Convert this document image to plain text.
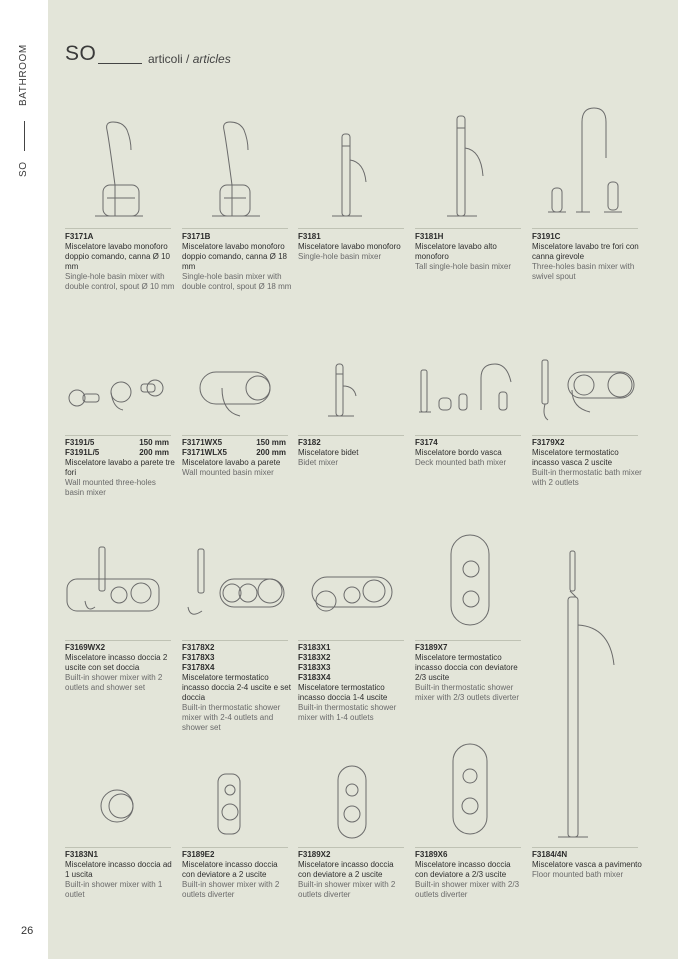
BATHROOM
SO
26
SO	articoli / articles
F3171A
Miscelatore lavabo monoforo doppio comando, canna Ø 10 mm
Single-hole basin mixer with double control, spout Ø 10 mm
F3171B
Miscelatore lavabo monoforo doppio comando, canna Ø 18 mm
Single-hole basin mixer with double control, spout Ø 18 mm
F3181
Miscelatore lavabo monoforo
Single-hole basin mixer
F3181H
Miscelatore lavabo alto monoforo
Tall single-hole basin mixer
F3191C
Miscelatore lavabo tre fori con canna girevole
Three-holes basin mixer with swivel spout
F3191/5	150 mm
F3191L/5	200 mm
Miscelatore lavabo a parete tre fori
Wall mounted three-holes basin mixer
F3171WX5	150 mm
F3171WLX5	200 mm
Miscelatore lavabo a parete
Wall mounted basin mixer
F3182
Miscelatore bidet
Bidet mixer
F3174
Miscelatore bordo vasca
Deck mounted bath mixer
F3179X2
Miscelatore termostatico incasso vasca 2 uscite
Built-in thermostatic bath mixer with 2 outlets
F3169WX2
Miscelatore incasso doccia 2 uscite con set doccia
Built-in shower mixer with 2 outlets and shower set
F3178X2
F3178X3
F3178X4
Miscelatore termostatico incasso doccia 2-4 uscite e set doccia
Built-in thermostatic shower mixer with 2-4 outlets and shower set
F3183X1
F3183X2
F3183X3
F3183X4
Miscelatore termostatico incasso doccia 1-4 uscite
Built-in thermostatic shower mixer with 1-4 outlets
F3189X7
Miscelatore termostatico incasso doccia con deviatore 2/3 uscite
Built-in thermostatic shower mixer with 2/3 outlets diverter
F3184/4N
Miscelatore vasca a pavimento
Floor mounted bath mixer
F3183N1
Miscelatore incasso doccia ad 1 uscita
Built-in shower mixer with 1 outlet
F3189E2
Miscelatore incasso doccia con deviatore a 2 uscite
Built-in shower mixer with 2 outlets diverter
F3189X2
Miscelatore incasso doccia con deviatore a 2 uscite
Built-in shower mixer with 2 outlets diverter
F3189X6
Miscelatore incasso doccia con deviatore a 2/3 uscite
Built-in shower mixer with 2/3 outlets diverter
